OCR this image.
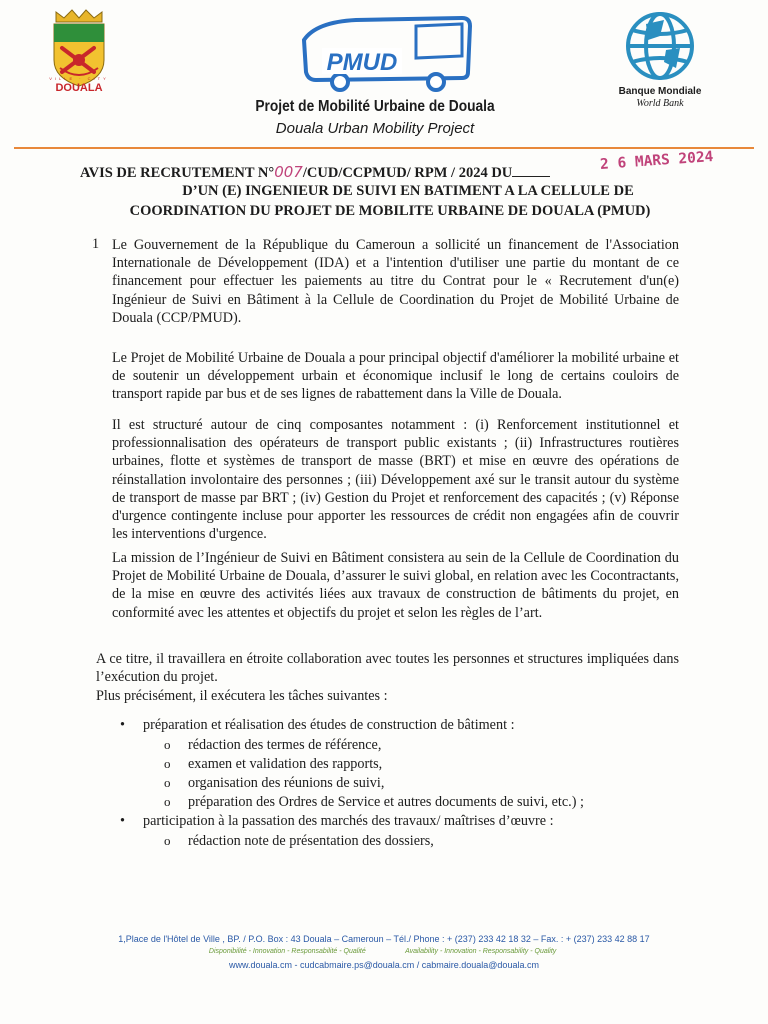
VILLE · CITY
DOUALA
PMUD
Projet de Mobilité Urbaine de Douala
Douala Urban Mobility Project
Banque Mondiale
World Bank
AVIS DE RECRUTEMENT N°007/CUD/CCPMUD/ RPM / 2024 DU
2 6 MARS 2024
D’UN (E) INGENIEUR DE SUIVI EN BATIMENT A LA CELLULE DE
COORDINATION DU PROJET DE MOBILITE URBAINE DE DOUALA (PMUD)
1 Le Gouvernement de la République du Cameroun a sollicité un financement de l'Association Internationale de Développement (IDA) et a l'intention d'utiliser une partie du montant de ce financement pour effectuer les paiements au titre du Contrat pour le « Recrutement d'un(e) Ingénieur de Suivi en Bâtiment à la Cellule de Coordination du Projet de Mobilité Urbaine de Douala (CCP/PMUD).
Le Projet de Mobilité Urbaine de Douala a pour principal objectif d'améliorer la mobilité urbaine et de soutenir un développement urbain et économique inclusif le long de certains couloirs de transport rapide par bus et de ses lignes de rabattement dans la Ville de Douala.
Il est structuré autour de cinq composantes notamment : (i) Renforcement institutionnel et professionnalisation des opérateurs de transport public existants ; (ii) Infrastructures routières urbaines, flotte et systèmes de transport de masse (BRT) et mise en œuvre des opérations de réinstallation involontaire des personnes ; (iii) Développement axé sur le transit autour du système de transport de masse par BRT ; (iv) Gestion du Projet et renforcement des capacités ; (v) Réponse d'urgence contingente incluse pour apporter les ressources de crédit non engagées afin de couvrir les interventions d'urgence.
La mission de l’Ingénieur de Suivi en Bâtiment consistera au sein de la Cellule de Coordination du Projet de Mobilité Urbaine de Douala, d’assurer le suivi global, en relation avec les Cocontractants, de la mise en œuvre des activités liées aux travaux de construction de bâtiments du projet, en conformité avec les attentes et objectifs du projet et selon les règles de l’art.
A ce titre, il travaillera en étroite collaboration avec toutes les personnes et structures impliquées dans l’exécution du projet.
Plus précisément, il exécutera les tâches suivantes :
• préparation et réalisation des études de construction de bâtiment :
o rédaction des termes de référence,
o examen et validation des rapports,
o organisation des réunions de suivi,
o préparation des Ordres de Service et autres documents de suivi, etc.) ;
• participation à la passation des marchés des travaux/ maîtrises d’œuvre :
o rédaction note de présentation des dossiers,
1,Place de l'Hôtel de Ville , BP. / P.O. Box : 43 Douala – Cameroun – Tél./ Phone : + (237) 233 42 18 32 – Fax. : + (237) 233 42 88 17
Disponibilité - Innovation - Responsabilité - Qualité	Availability - Innovation - Responsability - Quality
www.douala.cm - cudcabmaire.ps@douala.cm / cabmaire.douala@douala.cm
